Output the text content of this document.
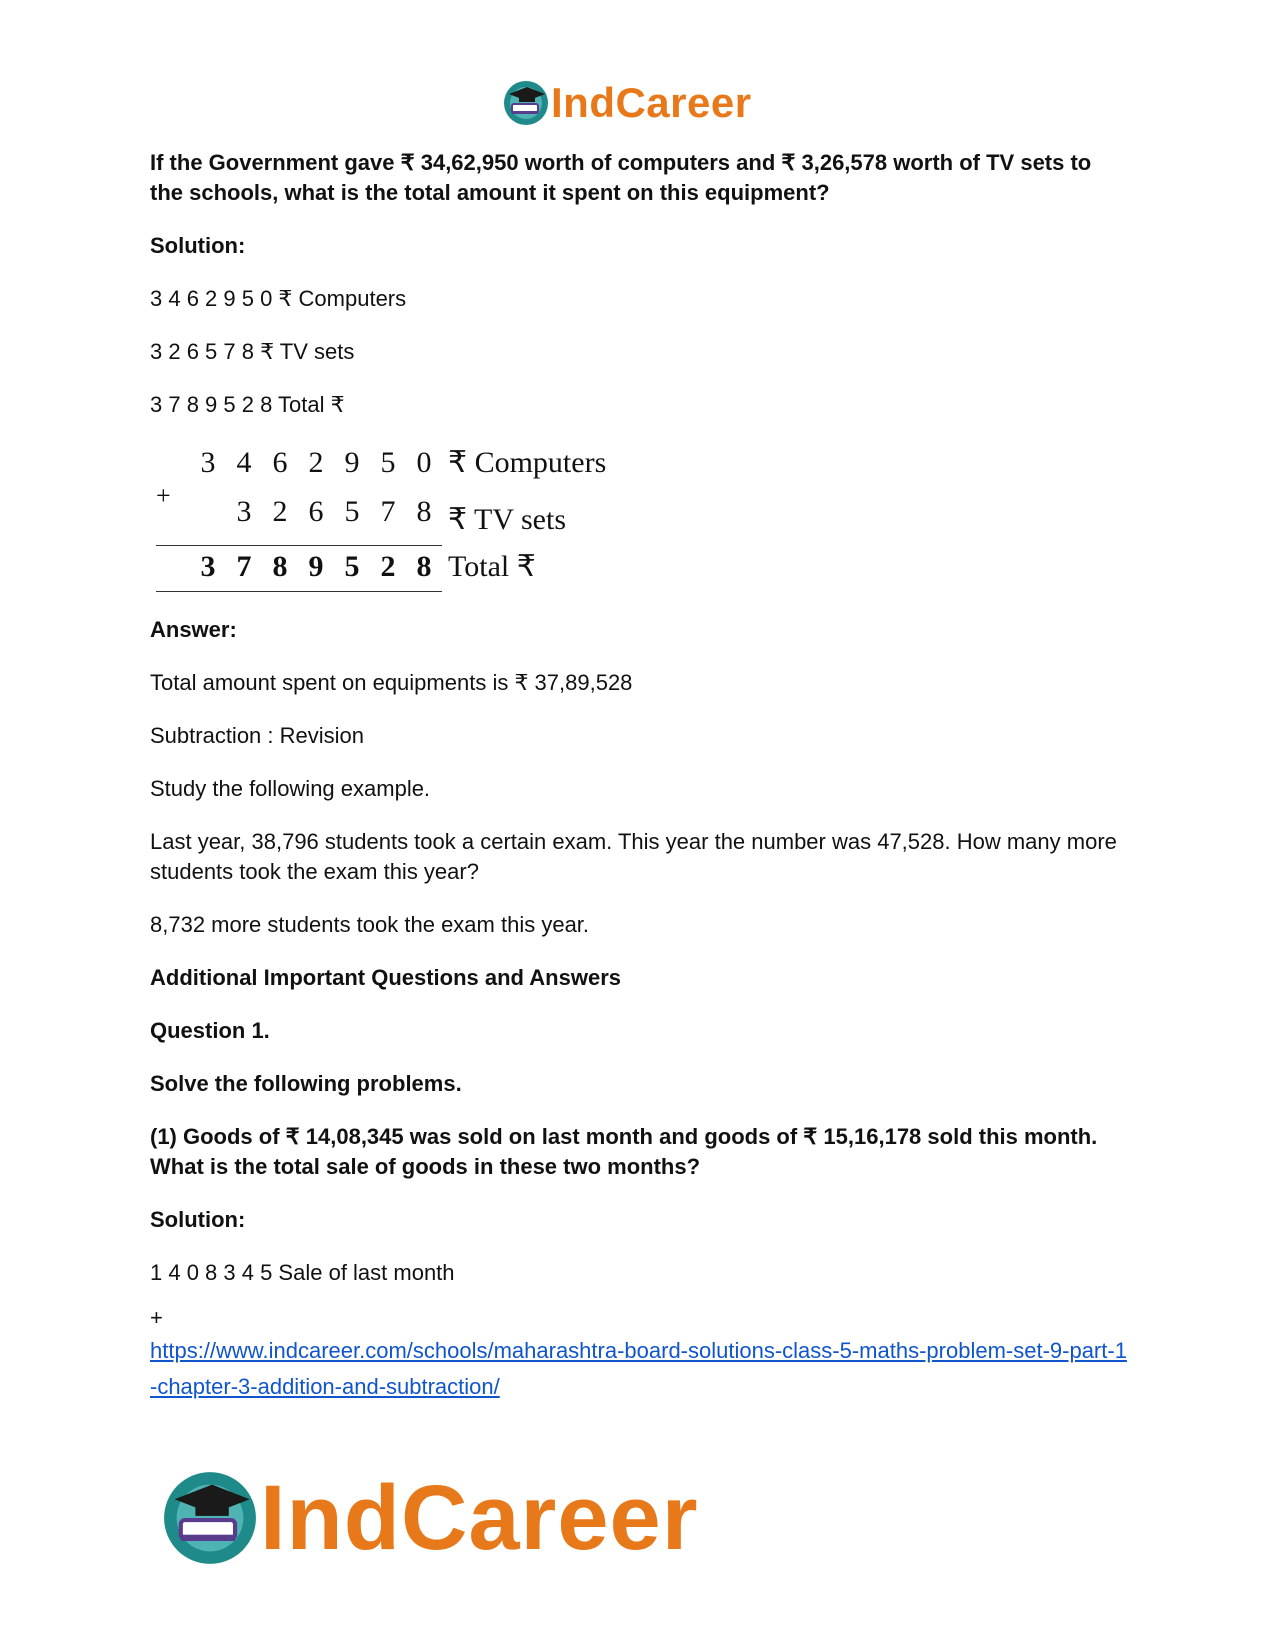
IndCareer

If the Government gave ₹ 34,62,950 worth of computers and ₹ 3,26,578 worth of TV sets to the schools, what is the total amount it spent on this equipment?

Solution:

3 4 6 2 9 5 0 ₹ Computers

3 2 6 5 7 8 ₹ TV sets

3 7 8 9 5 2 8 Total ₹

+
3 4 6 2 9 5 0 ₹ Computers
3 2 6 5 7 8 ₹ TV sets
3 7 8 9 5 2 8 Total ₹

Answer:

Total amount spent on equipments is ₹ 37,89,528

Subtraction : Revision

Study the following example.

Last year, 38,796 students took a certain exam. This year the number was 47,528. How many more students took the exam this year?

8,732 more students took the exam this year.

Additional Important Questions and Answers

Question 1.

Solve the following problems.

(1) Goods of ₹ 14,08,345 was sold on last month and goods of ₹ 15,16,178 sold this month. What is the total sale of goods in these two months?

Solution:

1 4 0 8 3 4 5 Sale of last month

+
https://www.indcareer.com/schools/maharashtra-board-solutions-class-5-maths-problem-set-9-part-1-chapter-3-addition-and-subtraction/
IndCareer
